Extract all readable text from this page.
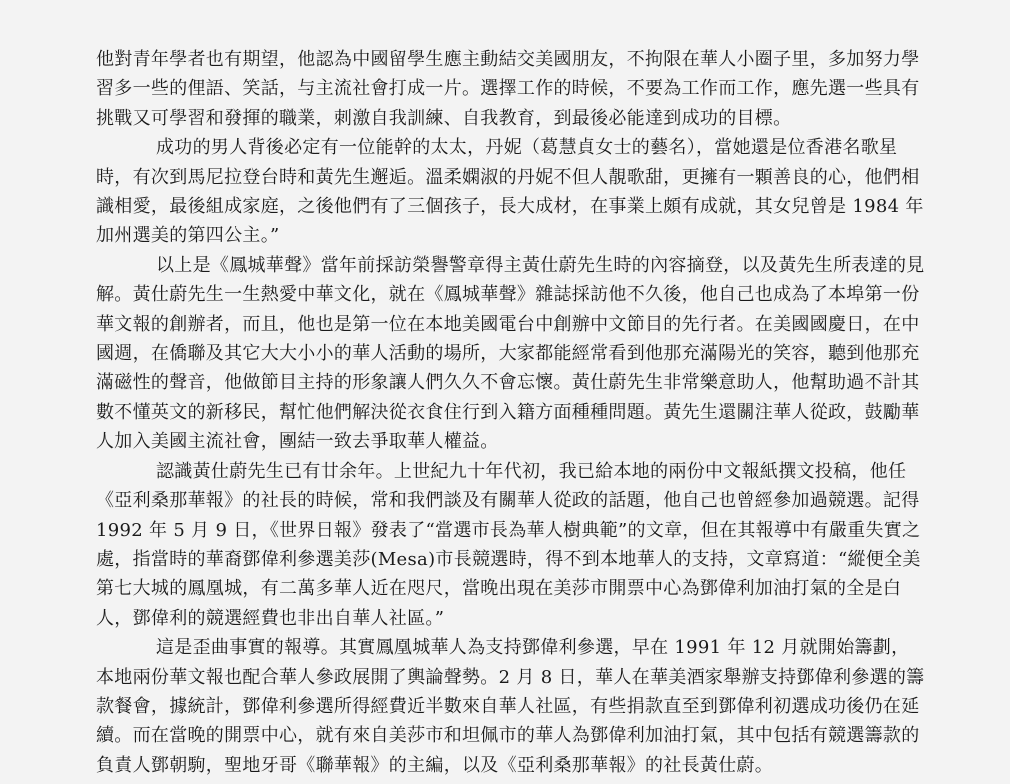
他對青年學者也有期望，他認為中國留學生應主動結交美國朋友，不拘限在華人小圈子里，多加努力學習多一些的俚語、笑話，与主流社會打成一片。選擇工作的時候，不要為工作而工作，應先選一些具有挑戰又可學習和發揮的職業，刺激自我訓練、自我教育，到最後必能達到成功的目標。

成功的男人背後必定有一位能幹的太太，丹妮（葛慧貞女士的藝名），當她還是位香港名歌星時，有次到馬尼拉登台時和黃先生邂逅。溫柔嫻淑的丹妮不但人靚歌甜，更擁有一顆善良的心，他們相識相愛，最後組成家庭，之後他們有了三個孩子，長大成材，在事業上頗有成就，其女兒曾是 1984 年加州選美的第四公主。”

以上是《鳳城華聲》當年前採訪榮譽警章得主黃仕蔚先生時的內容摘登，以及黃先生所表達的見解。黃仕蔚先生一生熱愛中華文化，就在《鳳城華聲》雜誌採訪他不久後，他自己也成為了本埠第一份華文報的創辦者，而且，他也是第一位在本地美國電台中創辦中文節目的先行者。在美國國慶日，在中國週，在僑聯及其它大大小小的華人活動的場所，大家都能經常看到他那充滿陽光的笑容，聽到他那充滿磁性的聲音，他做節目主持的形象讓人們久久不會忘懷。黃仕蔚先生非常樂意助人，他幫助過不計其數不懂英文的新移民，幫忙他們解決從衣食住行到入籍方面種種問題。黃先生還關注華人從政，鼓勵華人加入美國主流社會，團結一致去爭取華人權益。

認識黃仕蔚先生已有廿余年。上世紀九十年代初，我已給本地的兩份中文報紙撰文投稿，他任《亞利桑那華報》的社長的時候，常和我們談及有關華人從政的話題，他自己也曾經參加過競選。記得 1992 年 5 月 9 日，《世界日報》發表了“當選市長為華人樹典範”的文章，但在其報導中有嚴重失實之處，指當時的華裔鄧偉利參選美莎(Mesa)市長競選時，得不到本地華人的支持，文章寫道：“縱便全美第七大城的鳳凰城，有二萬多華人近在咫尺，當晚出現在美莎市開票中心為鄧偉利加油打氣的全是白人，鄧偉利的競選經費也非出自華人社區。”

這是歪曲事實的報導。其實鳳凰城華人為支持鄧偉利參選，早在 1991 年 12 月就開始籌劃，本地兩份華文報也配合華人參政展開了輿論聲勢。2 月 8 日，華人在華美酒家舉辦支持鄧偉利參選的籌款餐會，據統計，鄧偉利參選所得經費近半數來自華人社區，有些捐款直至到鄧偉利初選成功後仍在延續。而在當晚的開票中心，就有來自美莎市和坦佩市的華人為鄧偉利加油打氣，其中包括有競選籌款的負責人鄧朝駒，聖地牙哥《聯華報》的主編，以及《亞利桑那華報》的社長黃仕蔚。
